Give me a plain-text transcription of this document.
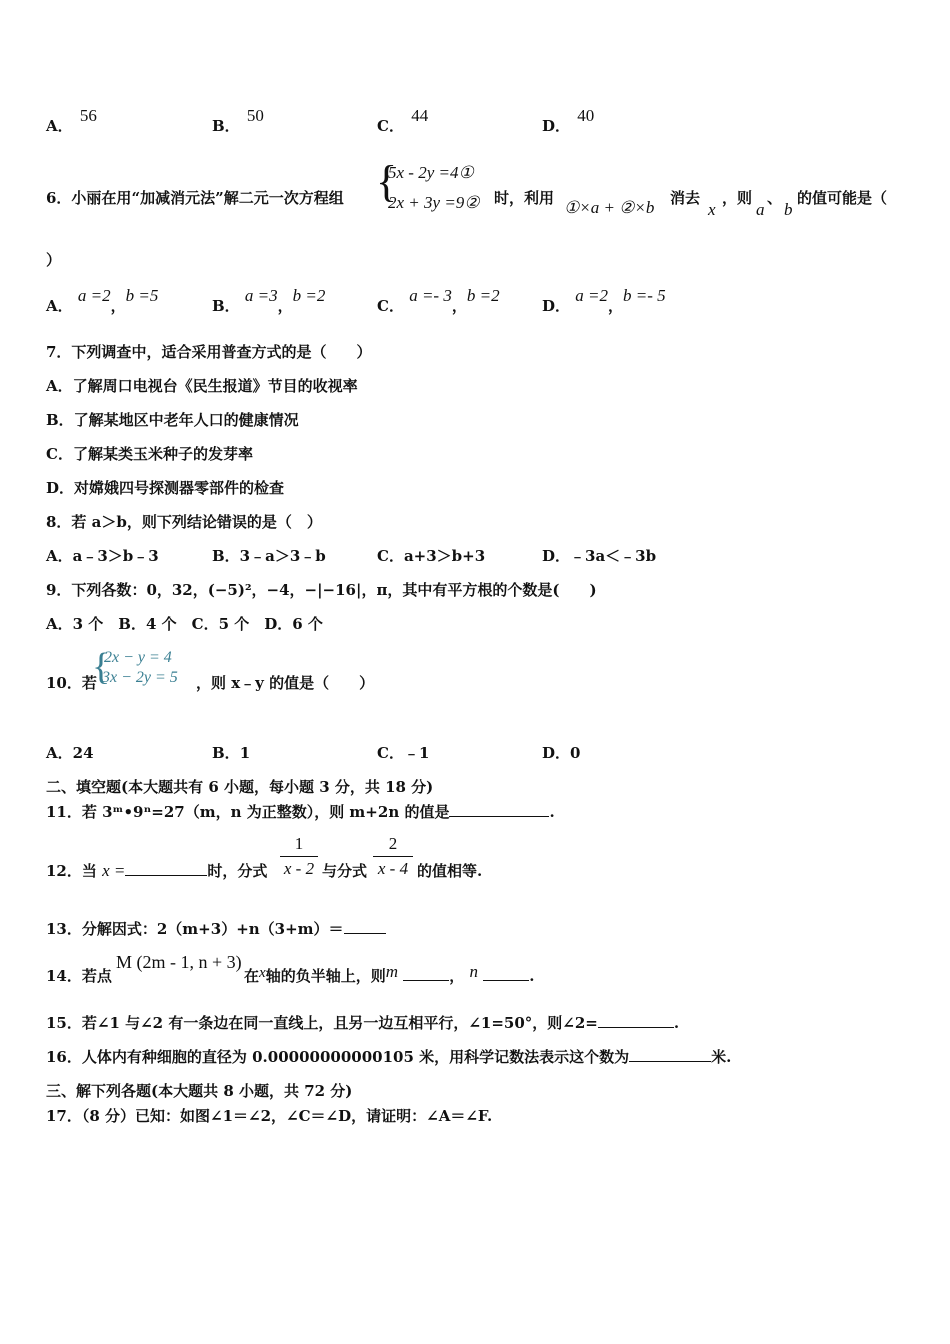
A． 56
B． 50
C． 44
D． 40
6．小丽在用“加减消元法”解二元一次方程组 {
5x - 2y =4①
2x + 3y =9② 时，利用 ①×a + ②×b 消去
x
，则
a
、
b
的值可能是（
）
A． a =2，b =5
B． a =3，b =2
C． a =- 3，b =2
D． a =2，b =- 5
7．下列调查中，适合采用普查方式的是（　　）
A．了解周口电视台《民生报道》节目的收视率
B．了解某地区中老年人口的健康情况
C．了解某类玉米种子的发芽率
D．对嫦娥四号探测器零部件的检查
8．若 a＞b，则下列结论错误的是（　）
A．a﹣3＞b﹣3	B．3﹣a＞3﹣b	C．a+3＞b+3	D．﹣3a＜﹣3b
9．下列各数：0，32，(−5)²，−4，−|−16|，π，其中有平方根的个数是(　　)
A．3 个　B．4 个　C．5 个　D．6 个
10．若
{
2x − y = 4
3x − 2y = 5 ，则 x﹣y 的值是（　　）
A．24	B．1	C．﹣1	D．0
二、填空题(本大题共有 6 小题，每小题 3 分，共 18 分)
11．若 3ᵐ•9ⁿ=27（m，n 为正整数），则 m+2n 的值是	.
12．当 x =	时，分式
1
x - 2 与分式
2
x - 4 的值相等.
13．分解因式：2（m+3）+n（3+m）＝
14．若点
M (2m - 1, n + 3)
在x轴的负半轴上，则m	， n	.
15．若∠1 与∠2 有一条边在同一直线上，且另一边互相平行，∠1=50°，则∠2=	.
16．人体内有种细胞的直径为 0.00000000000105 米，用科学记数法表示这个数为	米.
三、解下列各题(本大题共 8 小题，共 72 分)
17．（8 分）已知：如图∠1＝∠2，∠C＝∠D，请证明：∠A＝∠F.
